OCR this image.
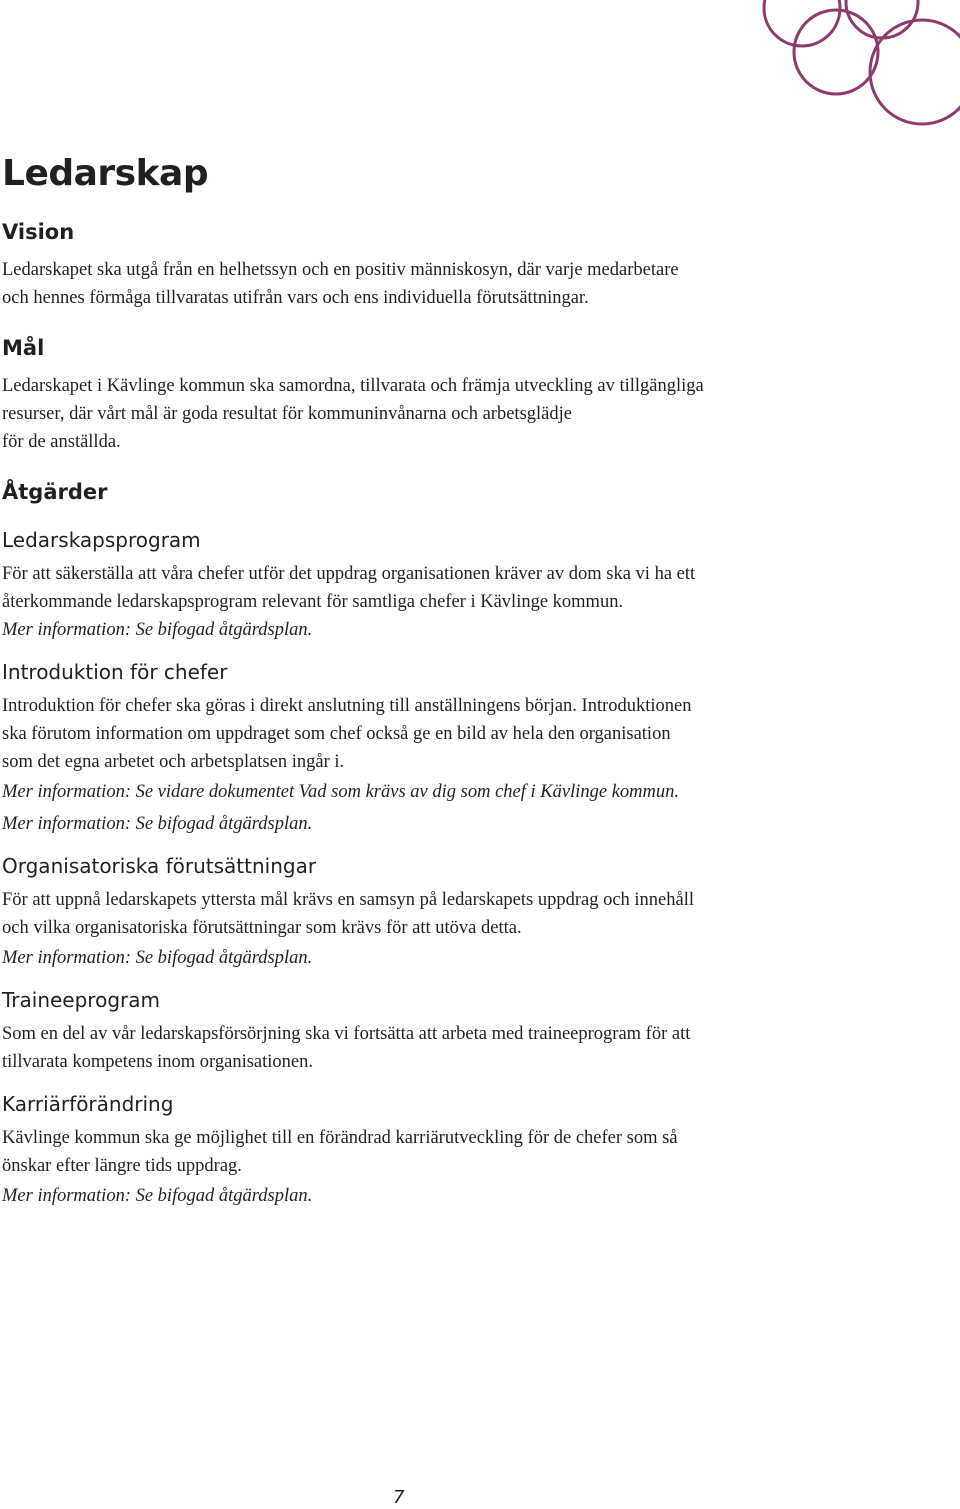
Ledarskap
Vision
Ledarskapet ska utgå från en helhetssyn och en positiv människosyn, där varje medarbetare
och hennes förmåga tillvaratas utifrån vars och ens individuella förutsättningar.
Mål
Ledarskapet i Kävlinge kommun ska samordna, tillvarata och främja utveckling av tillgängliga
resurser, där vårt mål är goda resultat för kommuninvånarna och arbetsglädje
för de anställda.
Åtgärder
Ledarskapsprogram
För att säkerställa att våra chefer utför det uppdrag organisationen kräver av dom ska vi ha ett
återkommande ledarskapsprogram relevant för samtliga chefer i Kävlinge kommun.
Mer information: Se bifogad åtgärdsplan.
Introduktion för chefer
Introduktion för chefer ska göras i direkt anslutning till anställningens början. Introduktionen
ska förutom information om uppdraget som chef också ge en bild av hela den organisation
som det egna arbetet och arbetsplatsen ingår i.
Mer information: Se vidare dokumentet Vad som krävs av dig som chef i Kävlinge kommun.
Mer information: Se bifogad åtgärdsplan.
Organisatoriska förutsättningar
För att uppnå ledarskapets yttersta mål krävs en samsyn på ledarskapets uppdrag och innehåll
och vilka organisatoriska förutsättningar som krävs för att utöva detta.
Mer information: Se bifogad åtgärdsplan.
Traineeprogram
Som en del av vår ledarskapsförsörjning ska vi fortsätta att arbeta med traineeprogram för att
tillvarata kompetens inom organisationen.
Karriärförändring
Kävlinge kommun ska ge möjlighet till en förändrad karriärutveckling för de chefer som så
önskar efter längre tids uppdrag.
Mer information: Se bifogad åtgärdsplan.
7
